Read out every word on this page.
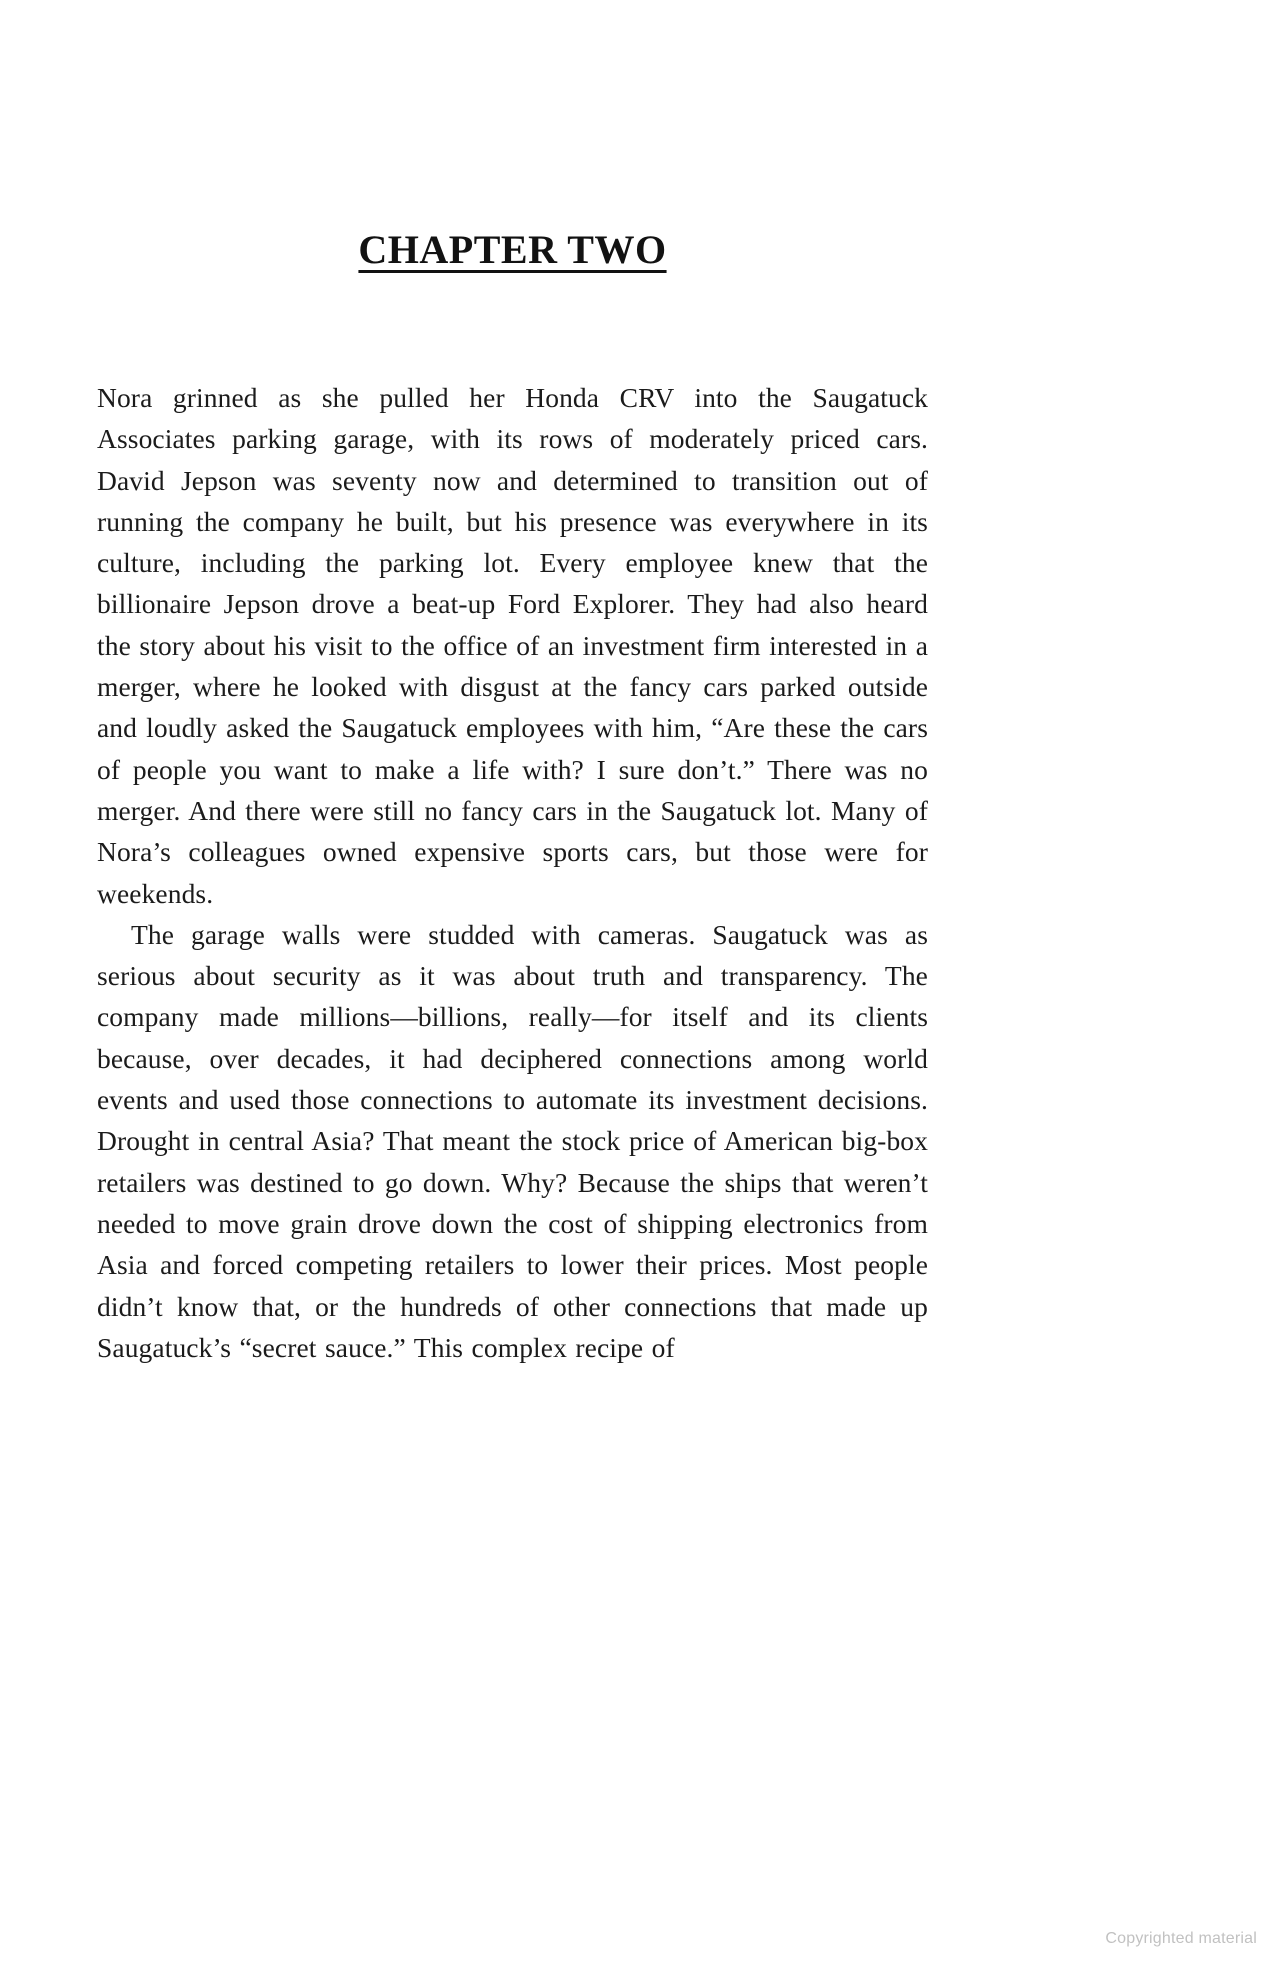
CHAPTER TWO

Nora grinned as she pulled her Honda CRV into the Saugatuck Associates parking garage, with its rows of moderately priced cars. David Jepson was seventy now and determined to transition out of running the company he built, but his presence was everywhere in its culture, including the parking lot. Every employee knew that the billionaire Jepson drove a beat-up Ford Explorer. They had also heard the story about his visit to the office of an investment firm interested in a merger, where he looked with disgust at the fancy cars parked outside and loudly asked the Saugatuck employees with him, “Are these the cars of people you want to make a life with? I sure don’t.” There was no merger. And there were still no fancy cars in the Saugatuck lot. Many of Nora’s colleagues owned expensive sports cars, but those were for weekends.

The garage walls were studded with cameras. Saugatuck was as serious about security as it was about truth and transparency. The company made millions—billions, really—for itself and its clients because, over decades, it had deciphered connections among world events and used those connections to automate its investment decisions. Drought in central Asia? That meant the stock price of American big-box retailers was destined to go down. Why? Because the ships that weren’t needed to move grain drove down the cost of shipping electronics from Asia and forced competing retailers to lower their prices. Most people didn’t know that, or the hundreds of other connections that made up Saugatuck’s “secret sauce.” This complex recipe of

Copyrighted material
